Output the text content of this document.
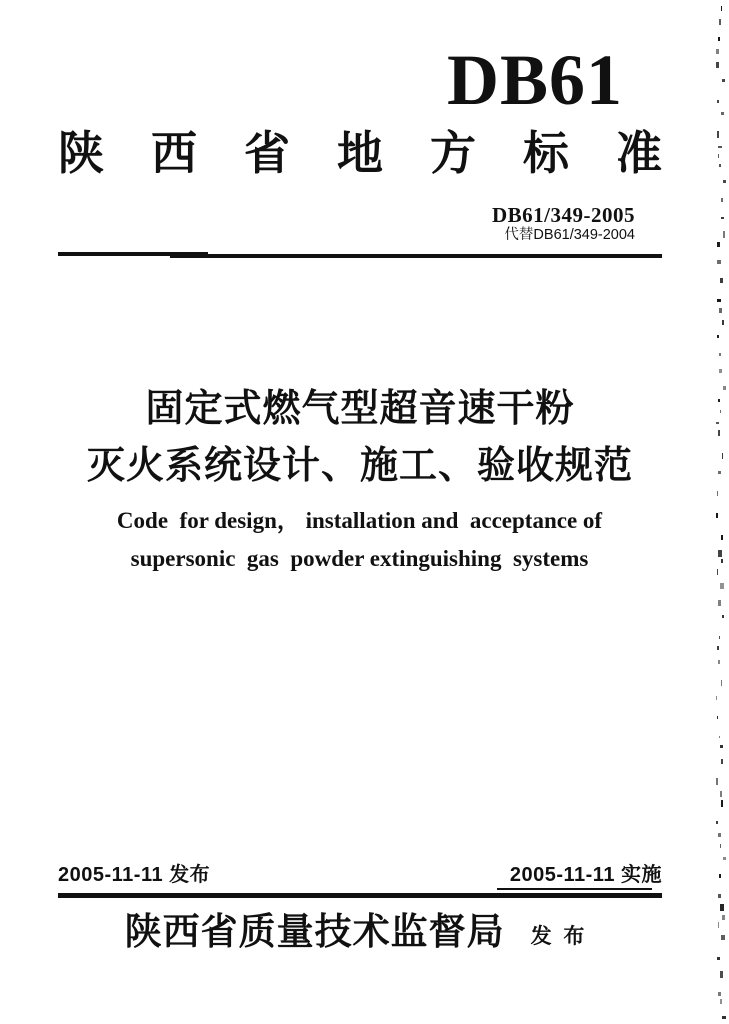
DB61
陕 西 省 地 方 标 准
DB61/349-2005
代替DB61/349-2004
固定式燃气型超音速干粉
灭火系统设计、施工、验收规范
Code  for design， installation and  acceptance of
supersonic  gas  powder extinguishing  systems
2005-11-11 发布	2005-11-11 实施
陕西省质量技术监督局 发  布
